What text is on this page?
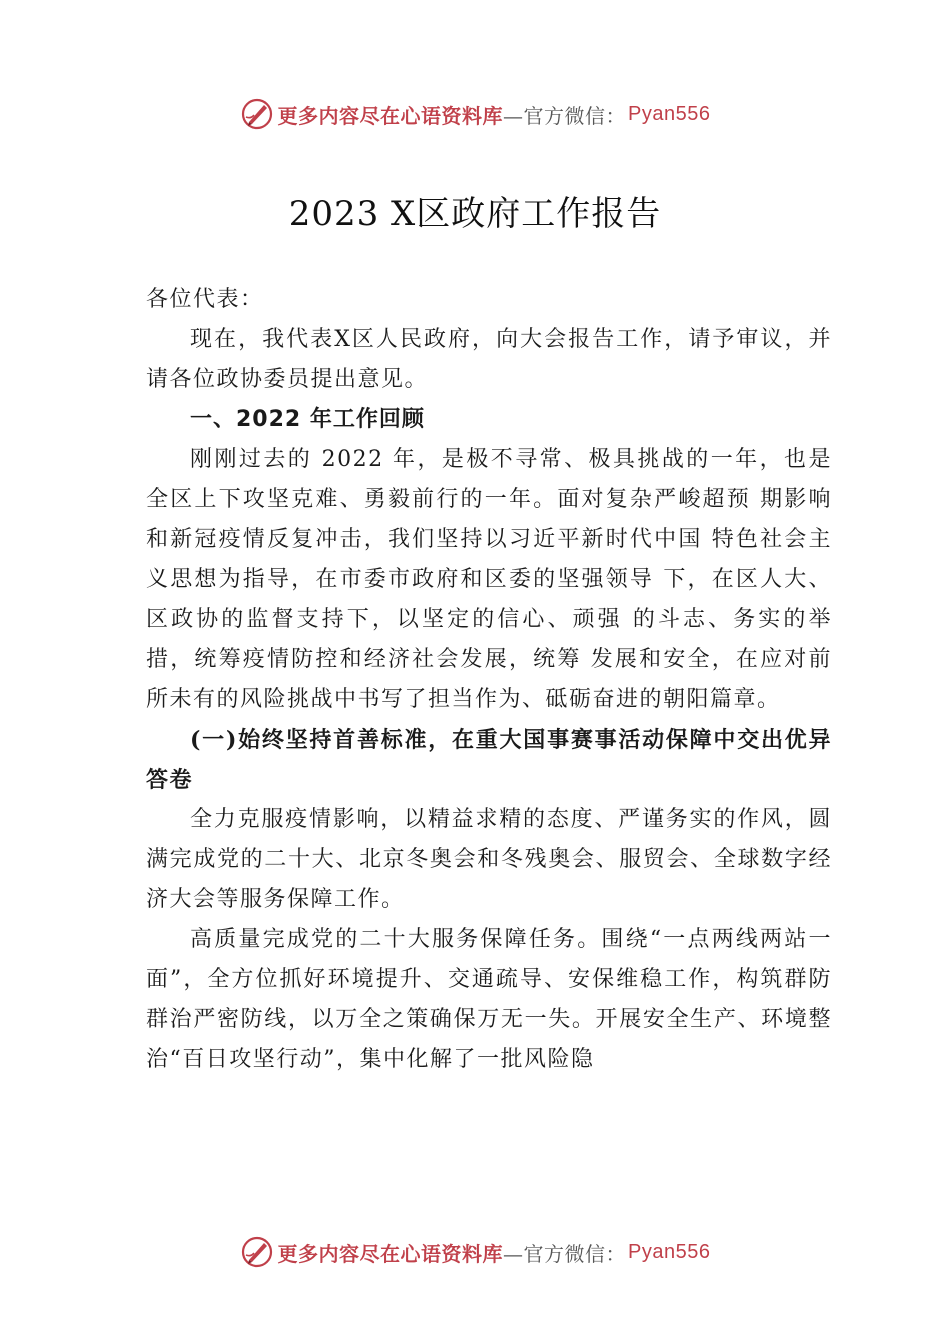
更多内容尽在心语资料库 —官方微信： Pyan556
2023 X区政府工作报告

各位代表：

现在，我代表X区人民政府，向大会报告工作，请予审议，并请各位政协委员提出意见。

一、2022 年工作回顾

刚刚过去的 2022 年，是极不寻常、极具挑战的一年，也是全区上下攻坚克难、勇毅前行的一年。面对复杂严峻超预 期影响和新冠疫情反复冲击，我们坚持以习近平新时代中国 特色社会主义思想为指导，在市委市政府和区委的坚强领导 下，在区人大、区政协的监督支持下，以坚定的信心、顽强 的斗志、务实的举措，统筹疫情防控和经济社会发展，统筹 发展和安全，在应对前所未有的风险挑战中书写了担当作为、砥砺奋进的朝阳篇章。

(一)始终坚持首善标准，在重大国事赛事活动保障中交出优异答卷

全力克服疫情影响，以精益求精的态度、严谨务实的作风，圆满完成党的二十大、北京冬奥会和冬残奥会、服贸会、全球数字经济大会等服务保障工作。

高质量完成党的二十大服务保障任务。围绕“一点两线两站一面”，全方位抓好环境提升、交通疏导、安保维稳工作，构筑群防群治严密防线，以万全之策确保万无一失。开展安全生产、环境整治“百日攻坚行动”，集中化解了一批风险隐

更多内容尽在心语资料库 —官方微信： Pyan556
